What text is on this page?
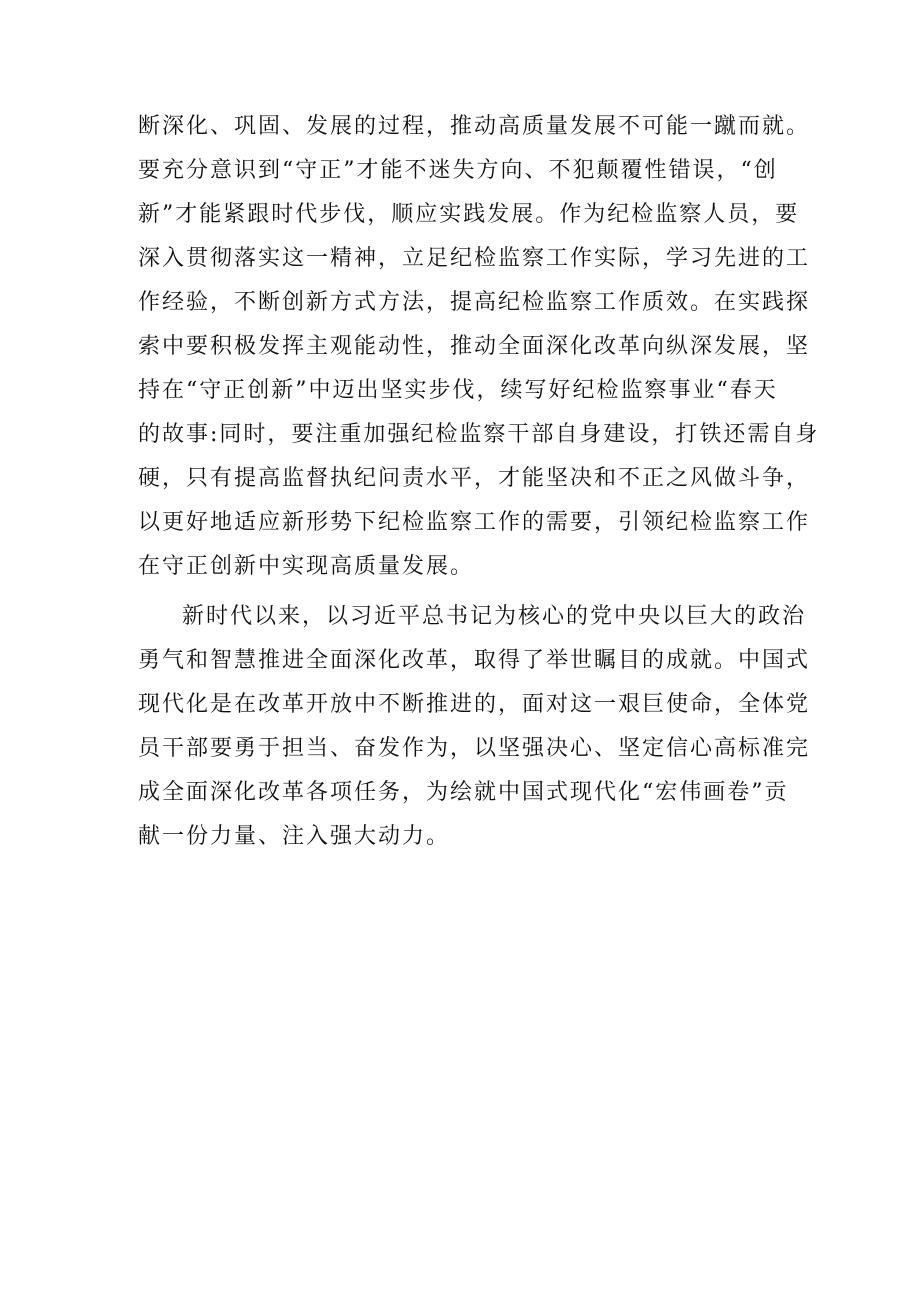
断深化、巩固、发展的过程，推动高质量发展不可能一蹴而就。
要充分意识到“守正”才能不迷失方向、不犯颠覆性错误，“创
新”才能紧跟时代步伐，顺应实践发展。作为纪检监察人员，要
深入贯彻落实这一精神，立足纪检监察工作实际，学习先进的工
作经验，不断创新方式方法，提高纪检监察工作质效。在实践探
索中要积极发挥主观能动性，推动全面深化改革向纵深发展，坚
持在“守正创新”中迈出坚实步伐，续写好纪检监察事业“春天
的故事:同时，要注重加强纪检监察干部自身建设，打铁还需自身
硬，只有提高监督执纪问责水平，才能坚决和不正之风做斗争，
以更好地适应新形势下纪检监察工作的需要，引领纪检监察工作
在守正创新中实现高质量发展。
新时代以来，以习近平总书记为核心的党中央以巨大的政治
勇气和智慧推进全面深化改革，取得了举世瞩目的成就。中国式
现代化是在改革开放中不断推进的，面对这一艰巨使命，全体党
员干部要勇于担当、奋发作为，以坚强决心、坚定信心高标准完
成全面深化改革各项任务，为绘就中国式现代化“宏伟画卷”贡
献一份力量、注入强大动力。
